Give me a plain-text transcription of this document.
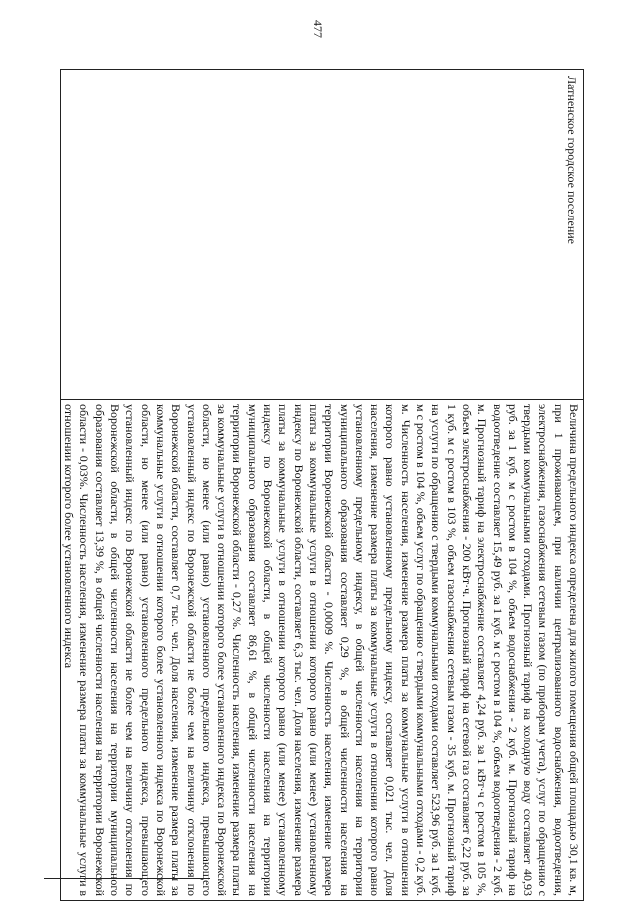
477

Латненское городское поселение

Величина предельного индекса определена для жилого помещения общей площадью 30,1 кв. м, при 1 проживающем, при наличии централизованного водоснабжения, водоотведения, электроснабжения, газоснабжения сетевым газом (по приборам учета), услуг по обращению с твердыми коммунальными отходами. Прогнозный тариф на холодную воду составляет 40,93 руб. за 1 куб. м с ростом в 104 %, объем водоснабжения - 2 куб. м. Прогнозный тариф на водоотведение составляет 15,49 руб. за 1 куб. м с ростом в 104 %, объем водоотведения - 2 куб. м. Прогнозный тариф на электроснабжение составляет 4,24 руб. за 1 кВт·ч с ростом в 105 %, объем электроснабжения - 200 кВт·ч. Прогнозный тариф на сетевой газ составляет 6,22 руб. за 1 куб. м с ростом в 103 %, объем газоснабжения сетевым газом - 35 куб. м. Прогнозный тариф на услуги по обращению с твердыми коммунальными отходами составляет 523,96 руб. за 1 куб. м с ростом в 104 %, объем услуг по обращению с твердыми коммунальными отходами - 0,2 куб. м. Численность населения, изменение размера платы за коммунальные услуги в отношении которого равно установленному предельному индексу, составляет 0,021 тыс. чел. Доля населения, изменение размера платы за коммунальные услуги в отношении которого равно установленному предельному индексу, в общей численности населения на территории муниципального образования составляет 0,29 %, в общей численности населения на территории Воронежской области - 0,0009 %. Численность населения, изменение размера платы за коммунальные услуги в отношении которого равно (или менее) установленному индексу по Воронежской области, составляет 6,3 тыс. чел. Доля населения, изменение размера платы за коммунальные услуги в отношении которого равно (или менее) установленному индексу по Воронежской области, в общей численности населения на территории муниципального образования составляет 86,61 %, в общей численности населения на территории Воронежской области - 0,27 %. Численность населения, изменение размера платы за коммунальные услуги в отношении которого более установленного индекса по Воронежской области, но менее (или равно) установленного предельного индекса, превышающего установленный индекс по Воронежской области не более чем на величину отклонения по Воронежской области, составляет 0,7 тыс. чел. Доля населения, изменение размера платы за коммунальные услуги в отношении которого более установленного индекса по Воронежской области, но менее (или равно) установленного предельного индекса, превышающего установленный индекс по Воронежской области не более чем на величину отклонения по Воронежской области, в общей численности населения на территории муниципального образования составляет 13,39 %, в общей численности населения на территории Воронежской области - 0,03%. Численность населения, изменение размера платы за коммунальные услуги в отношении которого более установленного индекса
